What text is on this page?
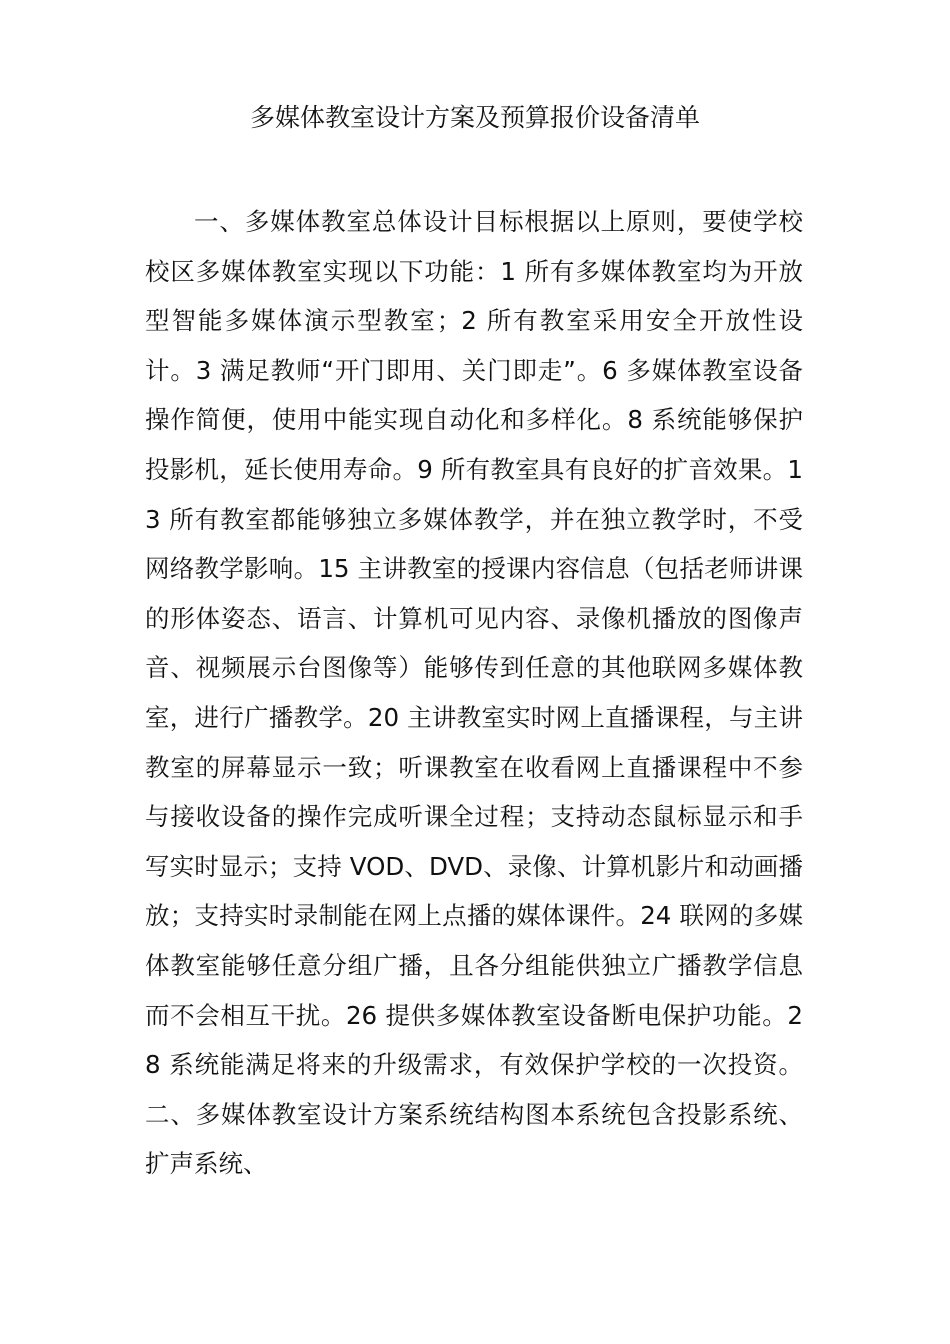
多媒体教室设计方案及预算报价设备清单

一、多媒体教室总体设计目标根据以上原则，要使学校校区多媒体教室实现以下功能：1 所有多媒体教室均为开放型智能多媒体演示型教室；2 所有教室采用安全开放性设计。3 满足教师“开门即用、关门即走”。6 多媒体教室设备操作简便，使用中能实现自动化和多样化。8 系统能够保护投影机，延长使用寿命。9 所有教室具有良好的扩音效果。13 所有教室都能够独立多媒体教学，并在独立教学时，不受网络教学影响。15 主讲教室的授课内容信息（包括老师讲课的形体姿态、语言、计算机可见内容、录像机播放的图像声音、视频展示台图像等）能够传到任意的其他联网多媒体教室，进行广播教学。20 主讲教室实时网上直播课程，与主讲教室的屏幕显示一致；听课教室在收看网上直播课程中不参与接收设备的操作完成听课全过程；支持动态鼠标显示和手写实时显示；支持 VOD、DVD、录像、计算机影片和动画播放；支持实时录制能在网上点播的媒体课件。24 联网的多媒体教室能够任意分组广播，且各分组能供独立广播教学信息而不会相互干扰。26 提供多媒体教室设备断电保护功能。28 系统能满足将来的升级需求，有效保护学校的一次投资。二、多媒体教室设计方案系统结构图本系统包含投影系统、扩声系统、
